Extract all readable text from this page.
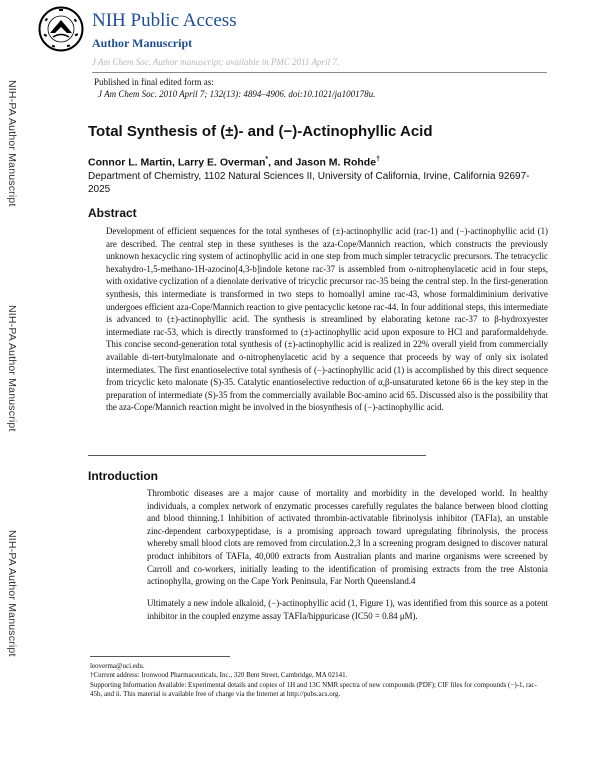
NIH-PA Author Manuscript
NIH-PA Author Manuscript
NIH-PA Author Manuscript
NIH Public Access
Author Manuscript
J Am Chem Soc. Author manuscript; available in PMC 2011 April 7.
Published in final edited form as:
J Am Chem Soc. 2010 April 7; 132(13): 4894–4906. doi:10.1021/ja100178u.
Total Synthesis of (±)- and (−)-Actinophyllic Acid
Connor L. Martin, Larry E. Overman*, and Jason M. Rohde†
Department of Chemistry, 1102 Natural Sciences II, University of California, Irvine, California 92697-2025
Abstract
Development of efficient sequences for the total syntheses of (±)-actinophyllic acid (rac-1) and (−)-actinophyllic acid (1) are described. The central step in these syntheses is the aza-Cope/Mannich reaction, which constructs the previously unknown hexacyclic ring system of actinophyllic acid in one step from much simpler tetracyclic precursors. The tetracyclic hexahydro-1,5-methano-1H-azocino[4,3-b]indole ketone rac-37 is assembled from o-nitrophenylacetic acid in four steps, with oxidative cyclization of a dienolate derivative of tricyclic precursor rac-35 being the central step. In the first-generation synthesis, this intermediate is transformed in two steps to homoallyl amine rac-43, whose formaldiminium derivative undergoes efficient aza-Cope/Mannich reaction to give pentacyclic ketone rac-44. In four additional steps, this intermediate is advanced to (±)-actinophyllic acid. The synthesis is streamlined by elaborating ketone rac-37 to β-hydroxyester intermediate rac-53, which is directly transformed to (±)-actinophyllic acid upon exposure to HCl and paraformaldehyde. This concise second-generation total synthesis of (±)-actinophyllic acid is realized in 22% overall yield from commercially available di-tert-butylmalonate and o-nitrophenylacetic acid by a sequence that proceeds by way of only six isolated intermediates. The first enantioselective total synthesis of (−)-actinophyllic acid (1) is accomplished by this direct sequence from tricyclic keto malonate (S)-35. Catalytic enantioselective reduction of α,β-unsaturated ketone 66 is the key step in the preparation of intermediate (S)-35 from the commercially available Boc-amino acid 65. Discussed also is the possibility that the aza-Cope/Mannich reaction might be involved in the biosynthesis of (−)-actinophyllic acid.
Introduction
Thrombotic diseases are a major cause of mortality and morbidity in the developed world. In healthy individuals, a complex network of enzymatic processes carefully regulates the balance between blood clotting and blood thinning.1 Inhibition of activated thrombin-activatable fibrinolysis inhibitor (TAFIa), an unstable zinc-dependent carboxypeptidase, is a promising approach toward upregulating fibrinolysis, the process whereby small blood clots are removed from circulation.2,3 In a screening program designed to discover natural product inhibitors of TAFIa, 40,000 extracts from Australian plants and marine organisms were screened by Carroll and co-workers, initially leading to the identification of promising extracts from the tree Alstonia actinophylla, growing on the Cape York Peninsula, Far North Queensland.4
Ultimately a new indole alkaloid, (−)-actinophyllic acid (1, Figure 1), was identified from this source as a potent inhibitor in the coupled enzyme assay TAFIa/hippuricase (IC50 = 0.84 μM).
leoverma@uci.edu.
†Current address: Ironwood Pharmaceuticals, Inc., 320 Bent Street, Cambridge, MA 02141.
Supporting Information Available: Experimental details and copies of 1H and 13C NMR spectra of new compounds (PDF); CIF files for compounds (−)-1, rac-45b, and ii. This material is available free of charge via the Internet at http://pubs.acs.org.
